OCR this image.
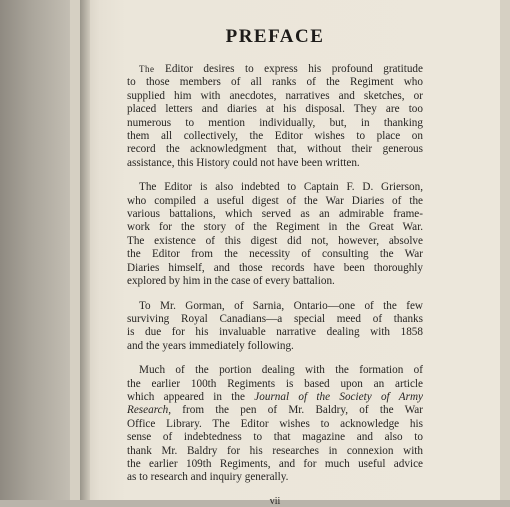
PREFACE
The Editor desires to express his profound gratitude
to those members of all ranks of the Regiment who
supplied him with anecdotes, narratives and sketches, or
placed letters and diaries at his disposal. They are too
numerous to mention individually, but, in thanking
them all collectively, the Editor wishes to place on
record the acknowledgment that, without their generous
assistance, this History could not have been written.
The Editor is also indebted to Captain F. D. Grierson,
who compiled a useful digest of the War Diaries of the
various battalions, which served as an admirable frame-
work for the story of the Regiment in the Great War.
The existence of this digest did not, however, absolve
the Editor from the necessity of consulting the War
Diaries himself, and those records have been thoroughly
explored by him in the case of every battalion.
To Mr. Gorman, of Sarnia, Ontario—one of the few
surviving Royal Canadians—a special meed of thanks
is due for his invaluable narrative dealing with 1858
and the years immediately following.
Much of the portion dealing with the formation of
the earlier 100th Regiments is based upon an article
which appeared in the Journal of the Society of Army
Research, from the pen of Mr. Baldry, of the War
Office Library. The Editor wishes to acknowledge his
sense of indebtedness to that magazine and also to
thank Mr. Baldry for his researches in connexion with
the earlier 109th Regiments, and for much useful advice
as to research and inquiry generally.
vii
